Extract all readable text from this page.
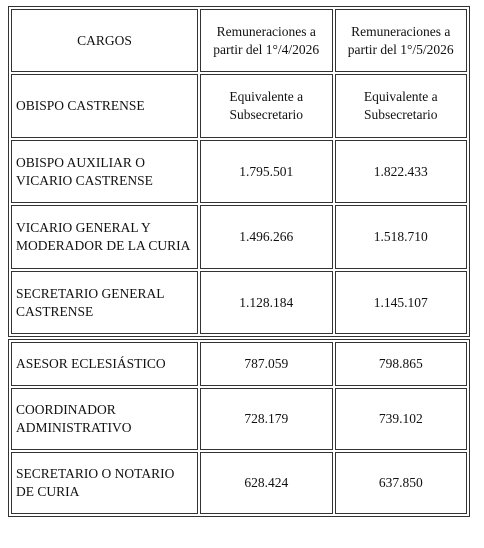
CARGOS	Remuneraciones a partir del 1°/4/2026	Remuneraciones a partir del 1°/5/2026
OBISPO CASTRENSE	Equivalente a Subsecretario	Equivalente a Subsecretario
OBISPO AUXILIAR O VICARIO CASTRENSE	1.795.501	1.822.433
VICARIO GENERAL Y MODERADOR DE LA CURIA	1.496.266	1.518.710
SECRETARIO GENERAL CASTRENSE	1.128.184	1.145.107
ASESOR ECLESIÁSTICO	787.059	798.865
COORDINADOR ADMINISTRATIVO	728.179	739.102
SECRETARIO O NOTARIO DE CURIA	628.424	637.850
